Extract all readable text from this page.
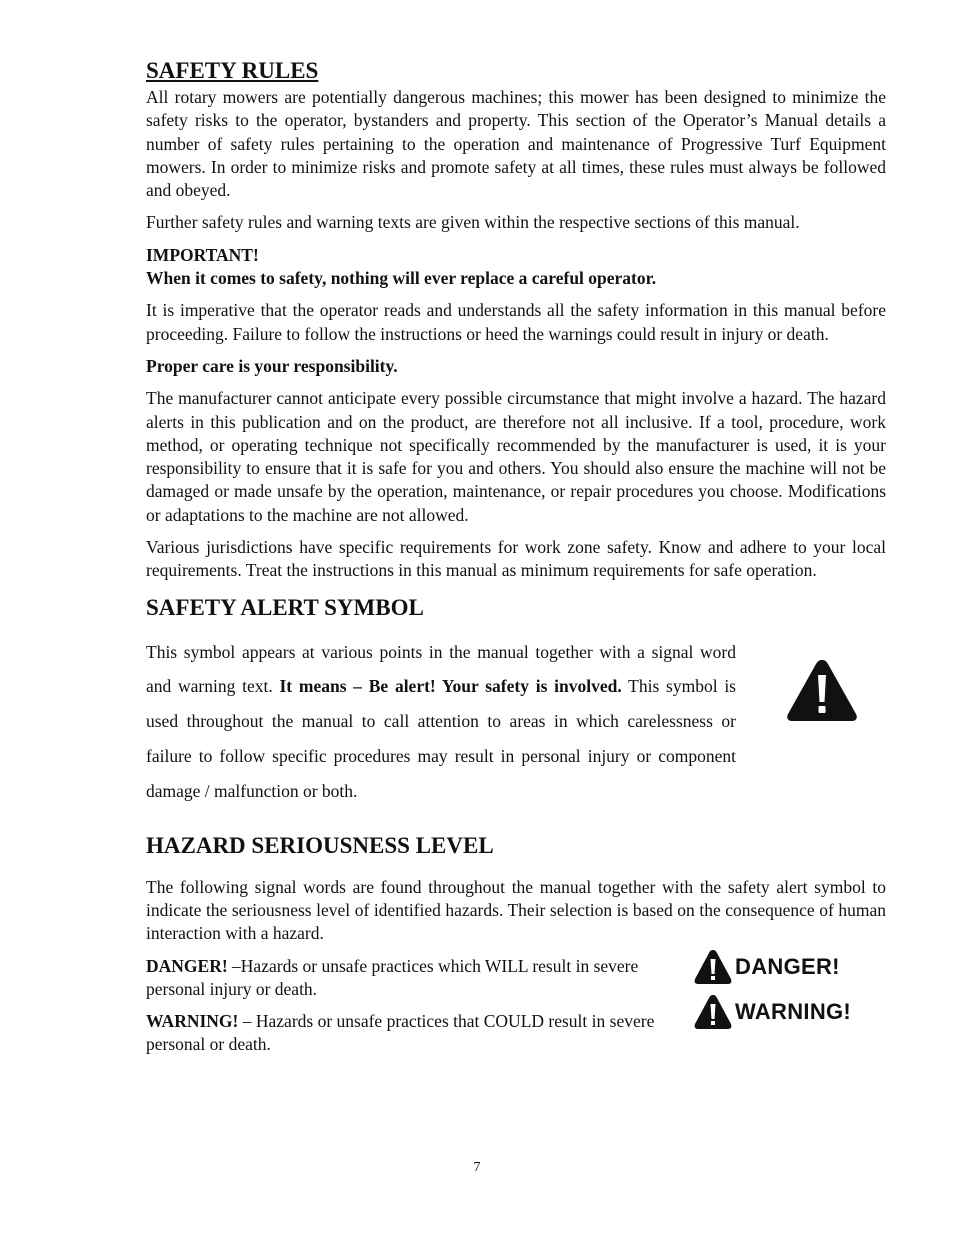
SAFETY RULES

All rotary mowers are potentially dangerous machines; this mower has been designed to minimize the safety risks to the operator, bystanders and property. This section of the Operator’s Manual details a number of safety rules pertaining to the operation and maintenance of Progressive Turf Equipment mowers. In order to minimize risks and promote safety at all times, these rules must always be followed and obeyed.

Further safety rules and warning texts are given within the respective sections of this manual.

IMPORTANT!
When it comes to safety, nothing will ever replace a careful operator.

It is imperative that the operator reads and understands all the safety information in this manual before proceeding. Failure to follow the instructions or heed the warnings could result in injury or death.

Proper care is your responsibility.

The manufacturer cannot anticipate every possible circumstance that might involve a hazard. The hazard alerts in this publication and on the product, are therefore not all inclusive. If a tool, procedure, work method, or operating technique not specifically recommended by the manufacturer is used, it is your responsibility to ensure that it is safe for you and others. You should also ensure the machine will not be damaged or made unsafe by the operation, maintenance, or repair procedures you choose. Modifications or adaptations to the machine are not allowed.

Various jurisdictions have specific requirements for work zone safety. Know and adhere to your local requirements. Treat the instructions in this manual as minimum requirements for safe operation.

SAFETY ALERT SYMBOL
This symbol appears at various points in the manual together with a signal word and warning text. It means – Be alert! Your safety is involved. This symbol is used throughout the manual to call attention to areas in which carelessness or failure to follow specific procedures may result in personal injury or component damage / malfunction or both.
HAZARD SERIOUSNESS LEVEL

The following signal words are found throughout the manual together with the safety alert symbol to indicate the seriousness level of identified hazards. Their selection is based on the consequence of human interaction with a hazard.

DANGER! –Hazards or unsafe practices which WILL result in severe personal injury or death.

DANGER!

WARNING! – Hazards or unsafe practices that COULD result in severe personal or death.

WARNING!
7
